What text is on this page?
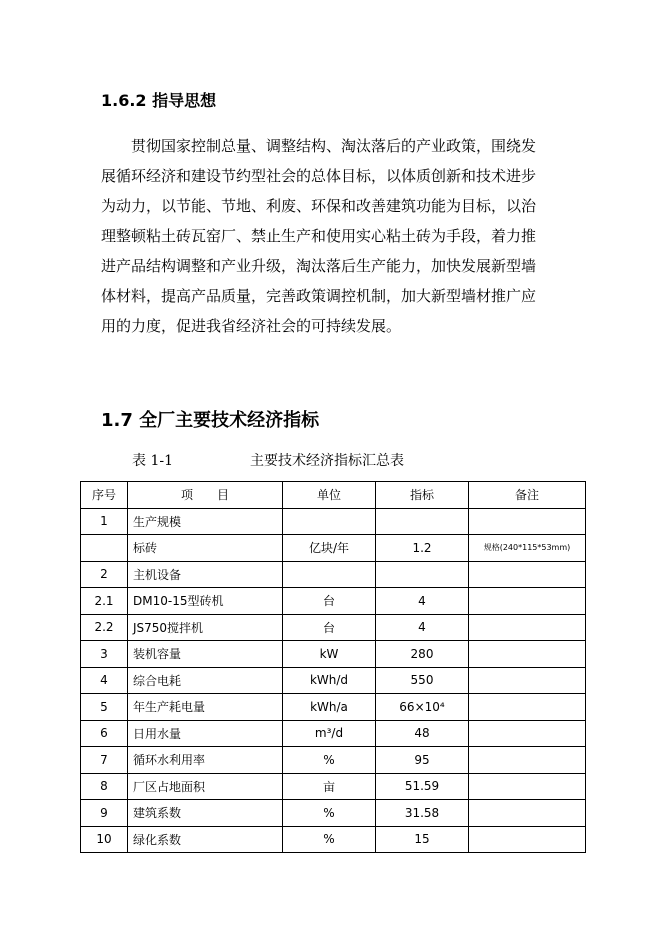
1.6.2 指导思想

贯彻国家控制总量、调整结构、淘汰落后的产业政策，围绕发
展循环经济和建设节约型社会的总体目标，以体质创新和技术进步
为动力，以节能、节地、利废、环保和改善建筑功能为目标，以治
理整顿粘土砖瓦窑厂、禁止生产和使用实心粘土砖为手段，着力推
进产品结构调整和产业升级，淘汰落后生产能力，加快发展新型墙
体材料，提高产品质量，完善政策调控机制，加大新型墙材推广应
用的力度，促进我省经济社会的可持续发展。

1.7 全厂主要技术经济指标
表 1-1	主要技术经济指标汇总表
序号	项　　目	单位	指标	备注
1	生产规模			
	标砖	亿块/年	1.2	规格(240*115*53mm)
2	主机设备			
2.1	DM10-15型砖机	台	4	
2.2	JS750搅拌机	台	4	
3	装机容量	kW	280	
4	综合电耗	kWh/d	550	
5	年生产耗电量	kWh/a	66×10⁴	
6	日用水量	m³/d	48	
7	循环水利用率	%	95	
8	厂区占地面积	亩	51.59	
9	建筑系数	%	31.58	
10	绿化系数	%	15	
